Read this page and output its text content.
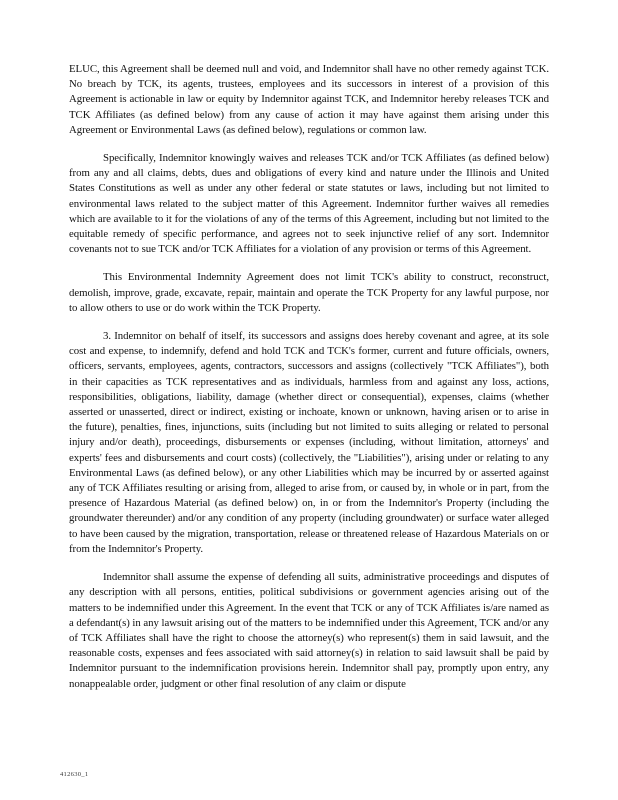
ELUC, this Agreement shall be deemed null and void, and Indemnitor shall have no other remedy against TCK. No breach by TCK, its agents, trustees, employees and its successors in interest of a provision of this Agreement is actionable in law or equity by Indemnitor against TCK, and Indemnitor hereby releases TCK and TCK Affiliates (as defined below) from any cause of action it may have against them arising under this Agreement or Environmental Laws (as defined below), regulations or common law.

Specifically, Indemnitor knowingly waives and releases TCK and/or TCK Affiliates (as defined below) from any and all claims, debts, dues and obligations of every kind and nature under the Illinois and United States Constitutions as well as under any other federal or state statutes or laws, including but not limited to environmental laws related to the subject matter of this Agreement. Indemnitor further waives all remedies which are available to it for the violations of any of the terms of this Agreement, including but not limited to the equitable remedy of specific performance, and agrees not to seek injunctive relief of any sort. Indemnitor covenants not to sue TCK and/or TCK Affiliates for a violation of any provision or terms of this Agreement.

This Environmental Indemnity Agreement does not limit TCK's ability to construct, reconstruct, demolish, improve, grade, excavate, repair, maintain and operate the TCK Property for any lawful purpose, nor to allow others to use or do work within the TCK Property.

3. Indemnitor on behalf of itself, its successors and assigns does hereby covenant and agree, at its sole cost and expense, to indemnify, defend and hold TCK and TCK's former, current and future officials, owners, officers, servants, employees, agents, contractors, successors and assigns (collectively "TCK Affiliates"), both in their capacities as TCK representatives and as individuals, harmless from and against any loss, actions, responsibilities, obligations, liability, damage (whether direct or consequential), expenses, claims (whether asserted or unasserted, direct or indirect, existing or inchoate, known or unknown, having arisen or to arise in the future), penalties, fines, injunctions, suits (including but not limited to suits alleging or related to personal injury and/or death), proceedings, disbursements or expenses (including, without limitation, attorneys' and experts' fees and disbursements and court costs) (collectively, the "Liabilities"), arising under or relating to any Environmental Laws (as defined below), or any other Liabilities which may be incurred by or asserted against any of TCK Affiliates resulting or arising from, alleged to arise from, or caused by, in whole or in part, from the presence of Hazardous Material (as defined below) on, in or from the Indemnitor's Property (including the groundwater thereunder) and/or any condition of any property (including groundwater) or surface water alleged to have been caused by the migration, transportation, release or threatened release of Hazardous Materials on or from the Indemnitor's Property.

Indemnitor shall assume the expense of defending all suits, administrative proceedings and disputes of any description with all persons, entities, political subdivisions or government agencies arising out of the matters to be indemnified under this Agreement. In the event that TCK or any of TCK Affiliates is/are named as a defendant(s) in any lawsuit arising out of the matters to be indemnified under this Agreement, TCK and/or any of TCK Affiliates shall have the right to choose the attorney(s) who represent(s) them in said lawsuit, and the reasonable costs, expenses and fees associated with said attorney(s) in relation to said lawsuit shall be paid by Indemnitor pursuant to the indemnification provisions herein. Indemnitor shall pay, promptly upon entry, any nonappealable order, judgment or other final resolution of any claim or dispute

412630_1
